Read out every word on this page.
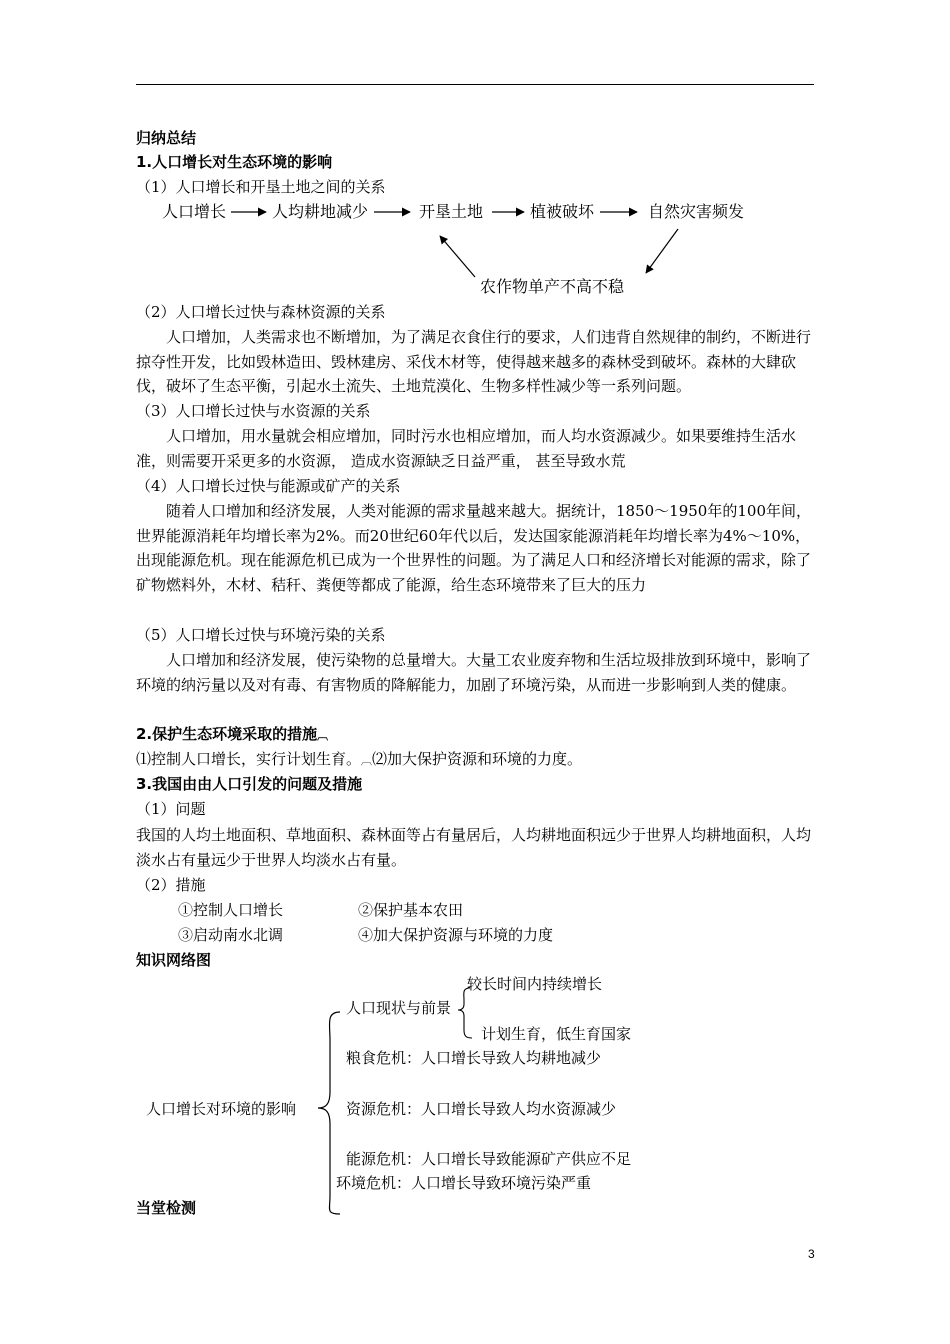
归纳总结
1.人口增长对生态环境的影响
（1）人口增长和开垦土地之间的关系
人口增长	人均耕地减少	开垦土地	植被破坏	自然灾害频发
农作物单产不高不稳
（2）人口增长过快与森林资源的关系
人口增加，人类需求也不断增加，为了满足衣食住行的要求，人们违背自然规律的制约，不断进行掠夺性开发，比如毁林造田、毁林建房、采伐木材等，使得越来越多的森林受到破坏。森林的大肆砍伐，破坏了生态平衡，引起水土流失、土地荒漠化、生物多样性减少等一系列问题。
（3）人口增长过快与水资源的关系
人口增加，用水量就会相应增加，同时污水也相应增加，而人均水资源减少。如果要维持生活水准，则需要开采更多的水资源， 造成水资源缺乏日益严重， 甚至导致水荒
（4）人口增长过快与能源或矿产的关系
随着人口增加和经济发展，人类对能源的需求量越来越大。据统计，1850～1950年的100年间，世界能源消耗年均增长率为2%。而20世纪60年代以后，发达国家能源消耗年均增长率为4%～10%，出现能源危机。现在能源危机已成为一个世界性的问题。为了满足人口和经济增长对能源的需求，除了矿物燃料外，木材、秸秆、粪便等都成了能源，给生态环境带来了巨大的压力
（5）人口增长过快与环境污染的关系
人口增加和经济发展，使污染物的总量增大。大量工农业废弃物和生活垃圾排放到环境中，影响了环境的纳污量以及对有毒、有害物质的降解能力，加剧了环境污染，从而进一步影响到人类的健康。
2.保护生态环境采取的措施︹
⑴控制人口增长，实行计划生育。︹⑵加大保护资源和环境的力度。
3.我国由由人口引发的问题及措施
（1）问题
我国的人均土地面积、草地面积、森林面等占有量居后，人均耕地面积远少于世界人均耕地面积，人均淡水占有量远少于世界人均淡水占有量。
（2）措施
①控制人口增长	②保护基本农田
③启动南水北调	④加大保护资源与环境的力度
知识网络图
较长时间内持续增长
人口现状与前景
计划生育，低生育国家
粮食危机：人口增长导致人均耕地减少
人口增长对环境的影响	资源危机：人口增长导致人均水资源减少
能源危机：人口增长导致能源矿产供应不足
环境危机：人口增长导致环境污染严重
当堂检测
3
